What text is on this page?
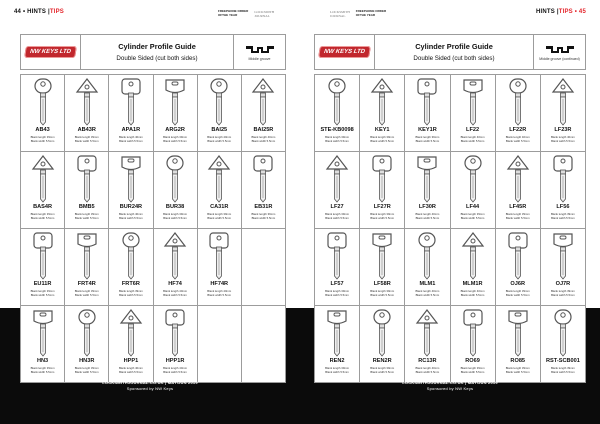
44 • HINTS |TIPS	FREEPHONE ORDER
OFTHE YEAR
LOCKSMITH
JOURNAL
NW KEYS LTD
Cylinder Profile Guide
Double Sided (cut both sides)	Middle groove
AB43
Blank length 39mm
Blank width 5.5mm
AB43R
Blank length 39mm
Blank width 5.5mm
APA1R
Blank length 40mm
Blank width 5.5mm
ARG2R
Blank length 39mm
Blank width 5.5mm
BAI25
Blank length 40mm
Blank width 5.5mm
BAI25R
Blank length 40mm
Blank width 5.5mm
BAS4R
Blank length 39mm
Blank width 5.5mm
BMB5
Blank length 39mm
Blank width 5.5mm
BUR24R
Blank length 40mm
Blank width 5.5mm
BUR38
Blank length 39mm
Blank width 5.5mm
CA31R
Blank length 39mm
Blank width 5.5mm
EB31R
Blank length 39mm
Blank width 5.5mm
EU11R
Blank length 39mm
Blank width 5.5mm
FRT4R
Blank length 39mm
Blank width 5.5mm
FRT6R
Blank length 39mm
Blank width 5.5mm
HF74
Blank length 40mm
Blank width 5.5mm
HF74R
Blank length 40mm
Blank width 5.5mm
HN3
Blank length 39mm
Blank width 5.5mm
HN3R
Blank length 39mm
Blank width 5.5mm
HPP1
Blank length 40mm
Blank width 5.5mm
HPP1R
Blank length 40mm
Blank width 5.5mm
LOCKSMITHJOURNAL.CO.UK | MAY/JUN 2019
Sponsored by NW Keys
LOCKSMITH
JOURNAL
FREEPHONE ORDER
OFTHE YEAR	HINTS |TIPS • 45
NW KEYS LTD
Cylinder Profile Guide
Double Sided (cut both sides)	Middle groove (continued)
STE-KB0098
Blank length 39mm
Blank width 5.5mm
KEY1
Blank length 39mm
Blank width 5.5mm
KEY1R
Blank length 39mm
Blank width 5.5mm
LF22
Blank length 40mm
Blank width 5.5mm
LF22R
Blank length 40mm
Blank width 5.5mm
LF23R
Blank length 40mm
Blank width 5.5mm
LF27
Blank length 39mm
Blank width 5.5mm
LF27R
Blank length 39mm
Blank width 5.5mm
LF30R
Blank length 40mm
Blank width 5.5mm
LF44
Blank length 39mm
Blank width 5.5mm
LF45R
Blank length 39mm
Blank width 5.5mm
LF56
Blank length 39mm
Blank width 5.5mm
LF57
Blank length 39mm
Blank width 5.5mm
LF58R
Blank length 39mm
Blank width 5.5mm
MLM1
Blank length 40mm
Blank width 5.5mm
MLM1R
Blank length 40mm
Blank width 5.5mm
OJ6R
Blank length 39mm
Blank width 5.5mm
OJ7R
Blank length 39mm
Blank width 5.5mm
REN2
Blank length 39mm
Blank width 5.5mm
REN2R
Blank length 39mm
Blank width 5.5mm
RC13R
Blank length 40mm
Blank width 5.5mm
RO69
Blank length 39mm
Blank width 5.5mm
RO85
Blank length 39mm
Blank width 5.5mm
RST-SCB001
Blank length 39mm
Blank width 5.5mm
LOCKSMITHJOURNAL.CO.UK | MAY/JUN 2019
Sponsored by NW Keys
